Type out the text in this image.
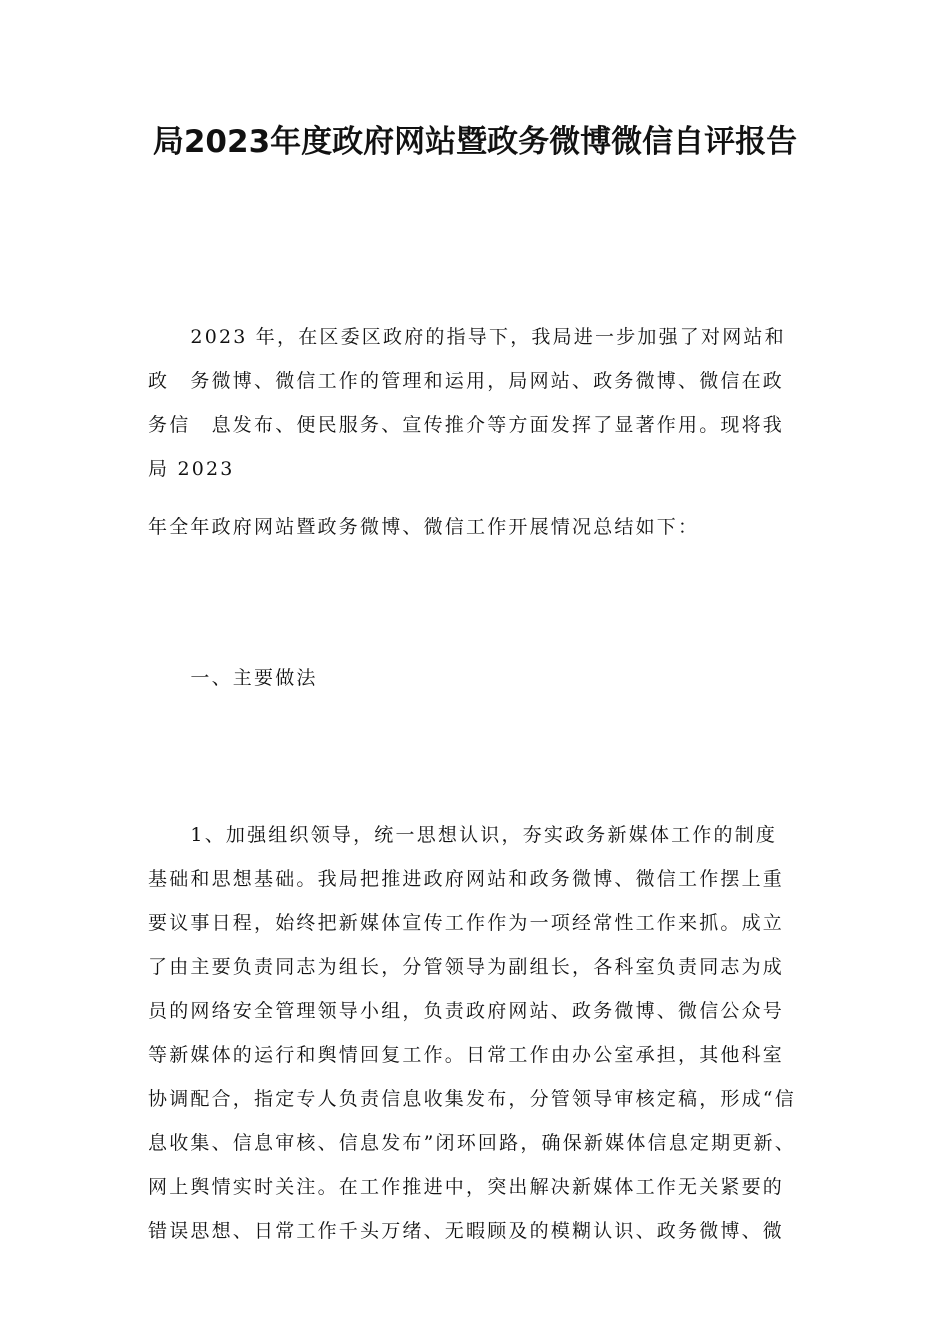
局2023年度政府网站暨政务微博微信自评报告
　　2023 年，在区委区政府的指导下，我局进一步加强了对网站和
政　务微博、微信工作的管理和运用，局网站、政务微博、微信在政
务信　息发布、便民服务、宣传推介等方面发挥了显著作用。现将我
局 2023
年全年政府网站暨政务微博、微信工作开展情况总结如下：
　　一、主要做法
　　1、加强组织领导，统一思想认识，夯实政务新媒体工作的制度
基础和思想基础。我局把推进政府网站和政务微博、微信工作摆上重
要议事日程，始终把新媒体宣传工作作为一项经常性工作来抓。成立
了由主要负责同志为组长，分管领导为副组长，各科室负责同志为成
员的网络安全管理领导小组，负责政府网站、政务微博、微信公众号
等新媒体的运行和舆情回复工作。日常工作由办公室承担，其他科室
协调配合，指定专人负责信息收集发布，分管领导审核定稿，形成“信
息收集、信息审核、信息发布”闭环回路，确保新媒体信息定期更新、
网上舆情实时关注。在工作推进中，突出解决新媒体工作无关紧要的
错误思想、日常工作千头万绪、无暇顾及的模糊认识、政务微博、微
